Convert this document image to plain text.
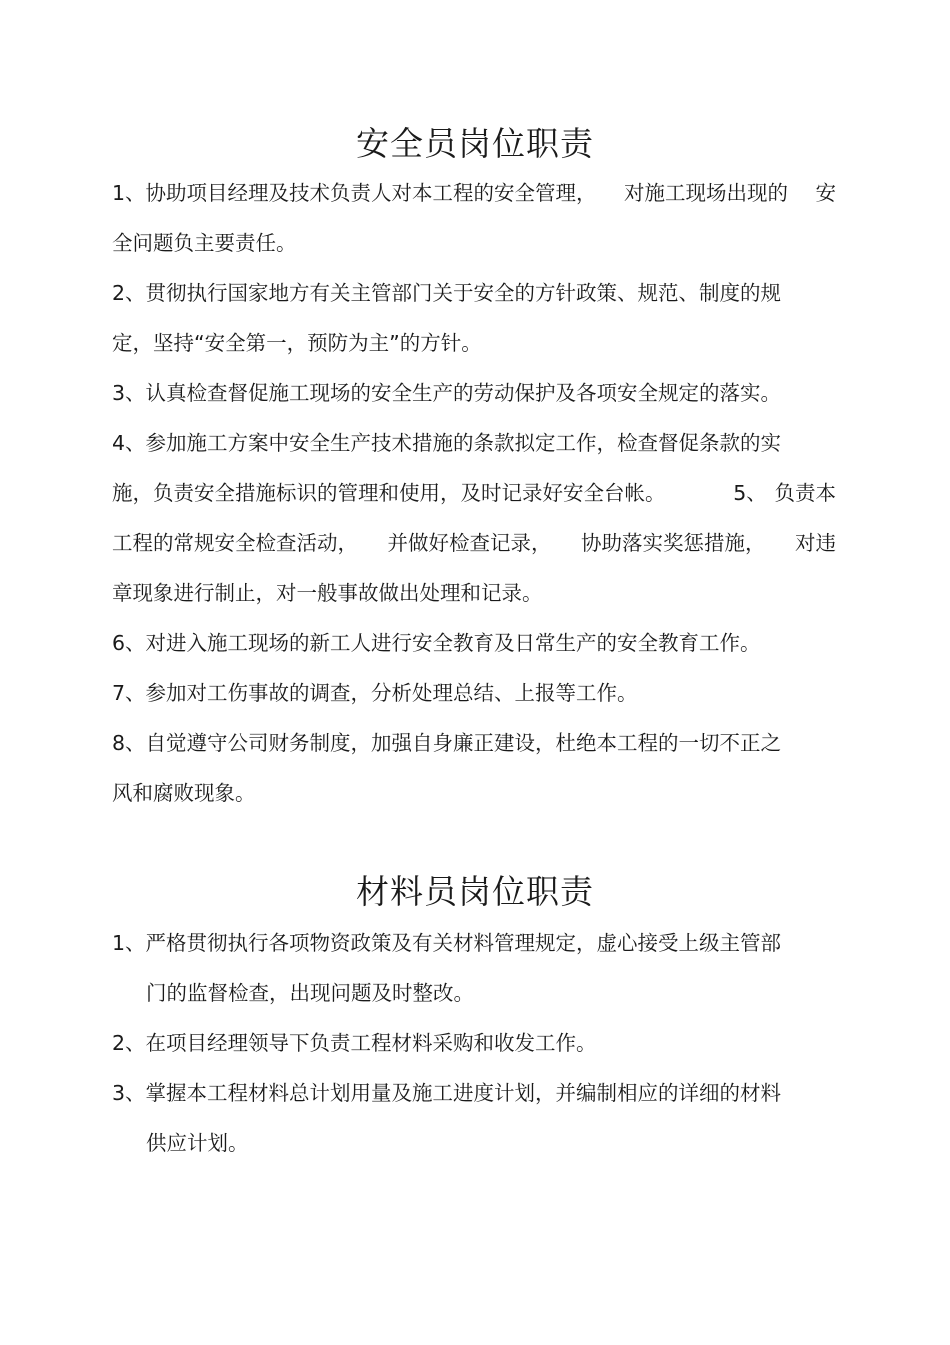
安全员岗位职责
1、协助项目经理及技术负责人对本工程的安全管理， 对施工现场出现的 安
全问题负主要责任。
2、贯彻执行国家地方有关主管部门关于安全的方针政策、规范、制度的规
定，坚持“安全第一，预防为主”的方针。
3、认真检查督促施工现场的安全生产的劳动保护及各项安全规定的落实。
4、参加施工方案中安全生产技术措施的条款拟定工作，检查督促条款的实
施，负责安全措施标识的管理和使用，及时记录好安全台帐。	5、 负责本
工程的常规安全检查活动， 并做好检查记录， 协助落实奖惩措施， 对违
章现象进行制止，对一般事故做出处理和记录。
6、对进入施工现场的新工人进行安全教育及日常生产的安全教育工作。
7、参加对工伤事故的调查，分析处理总结、上报等工作。
8、自觉遵守公司财务制度，加强自身廉正建设，杜绝本工程的一切不正之
风和腐败现象。
材料员岗位职责
1、严格贯彻执行各项物资政策及有关材料管理规定，虚心接受上级主管部
门的监督检查，出现问题及时整改。
2、在项目经理领导下负责工程材料采购和收发工作。
3、掌握本工程材料总计划用量及施工进度计划，并编制相应的详细的材料
供应计划。
